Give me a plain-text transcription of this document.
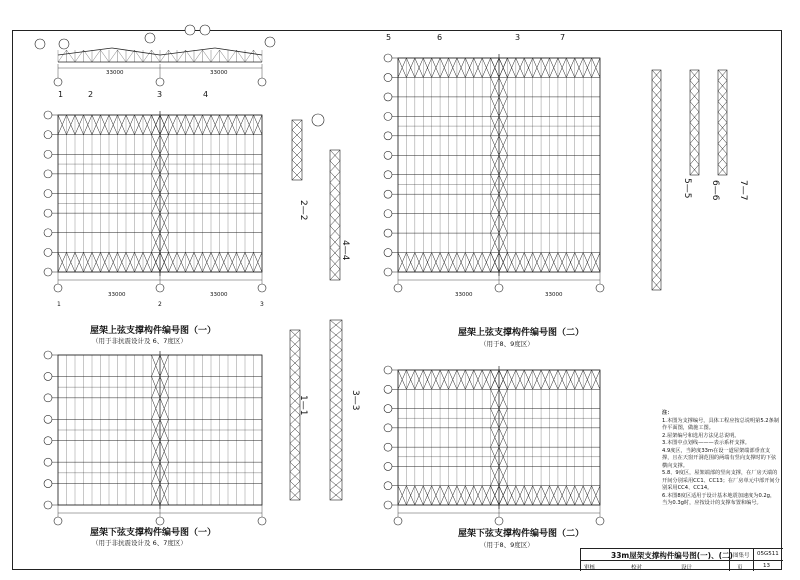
33000	33000
1	2	3	4
33000	33000
1	2	3
屋架上弦支撑构件编号图（一）
（用于非抗震设计及 6、7度区）
5	6	3	7
33000	33000
屋架上弦支撑构件编号图（二）
（用于8、9度区）
屋架下弦支撑构件编号图（一）
（用于非抗震设计及 6、7度区）
屋架下弦支撑构件编号图（二）
（用于8、9度区）
2—2
4—4
1—1	3—3
5—5 6—6 7—7
注：
1.本图为支撑编号，具体工程应按总说明第5.2条制作平面图，做施工图。
2.屋架编号和选用方法见总说明。
3.本图中点划线———表示系杆支撑。
4.9度区，当跨度33m在设一道屋架端部垂直支撑，且在天窗开洞范围的两端有竖向支撑时的下弦横向支撑。
5.8、9度区，屋架端部的竖向支撑，在厂房天端的开间分别采用CC1、CC13；在厂房单元中部开间分别采用CC4、CC14。
6.本图8度区适用于设计基本地震加速度为0.2g，当为0.3g时，应按设计的支撑布置和编号。
33m屋架支撑构件编号图(一)、(二) 图集号 05G511
审核	校对	设计	页	13
